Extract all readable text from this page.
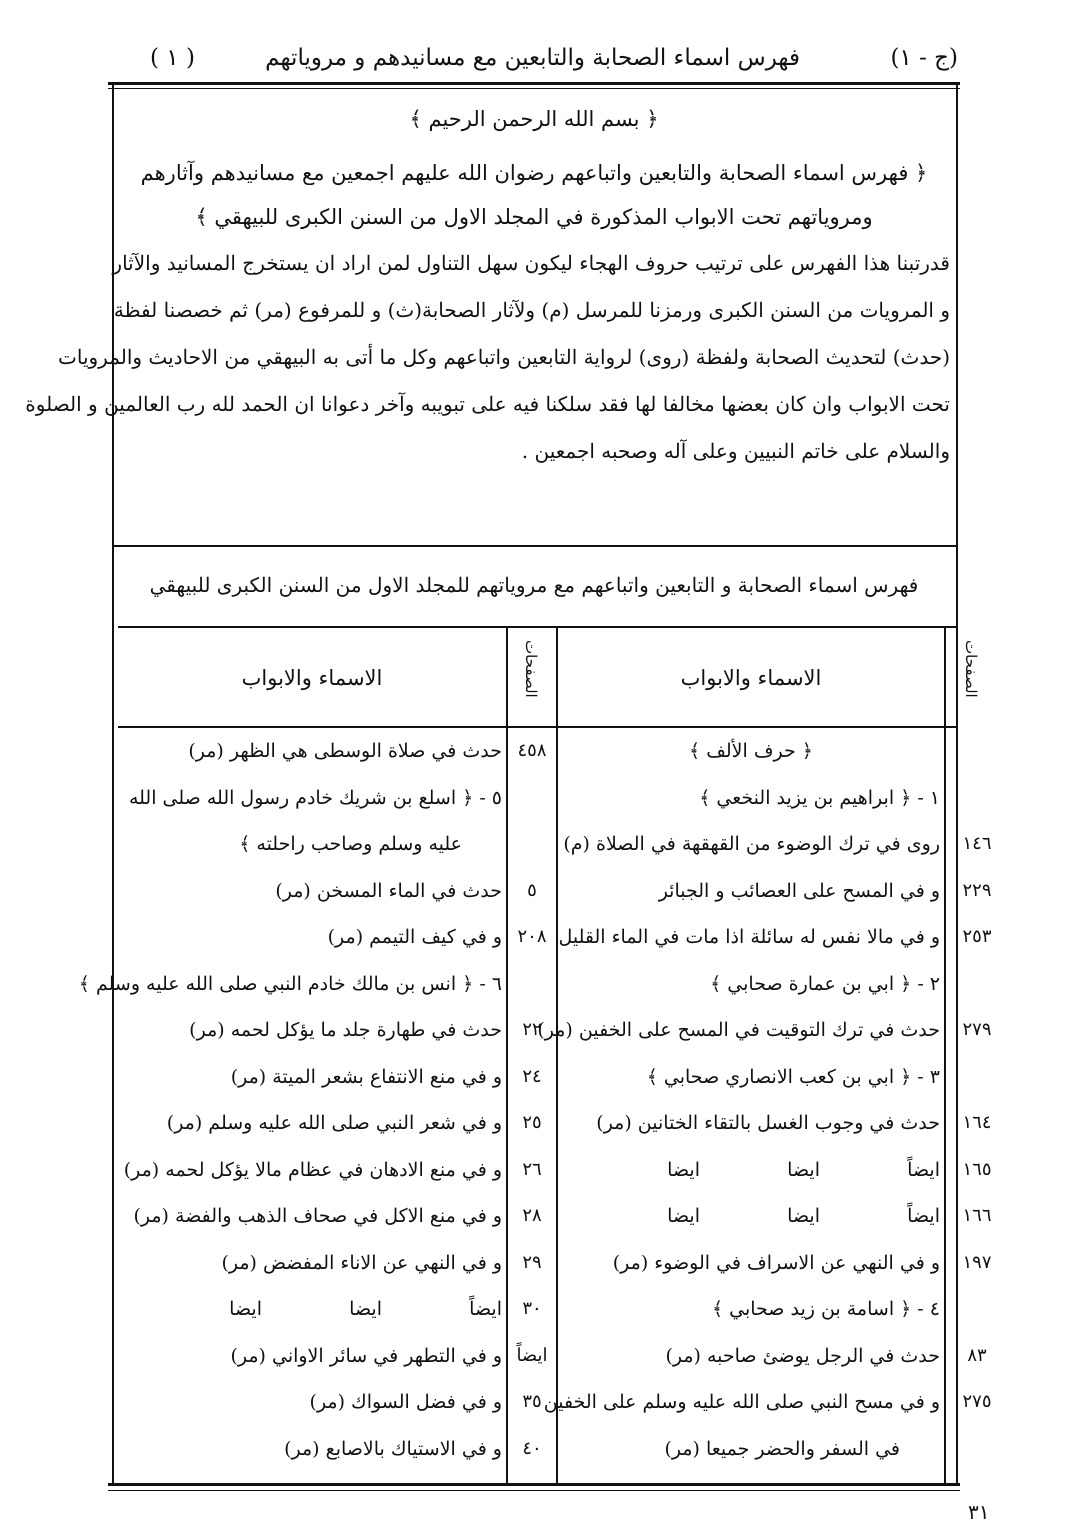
(ج - ١)
فهرس اسماء الصحابة والتابعين مع مسانيدهم و مروياتهم
( ١ )
﴿ بسم الله الرحمن الرحيم ﴾
﴿ فهرس اسماء الصحابة والتابعين واتباعهم رضوان الله عليهم اجمعين مع مسانيدهم وآثارهم
ومروياتهم تحت الابواب المذكورة في المجلد الاول من السنن الكبرى للبيهقي ﴾
قدرتبنا هذا الفهرس على ترتيب حروف الهجاء ليكون سهل التناول لمن اراد ان يستخرج المسانيد والآثار
و المرويات من السنن الكبرى ورمزنا للمرسل (م) ولآثار الصحابة(ث) و للمرفوع (مر) ثم خصصنا لفظة
(حدث) لتحديث الصحابة ولفظة (روى) لرواية التابعين واتباعهم وكل ما أتى به البيهقي من الاحاديث والمرويات
تحت الابواب وان كان بعضها مخالفا لها فقد سلكنا فيه على تبويبه وآخر دعوانا ان الحمد لله رب العالمين و الصلوة
والسلام على خاتم النبيين وعلى آله وصحبه اجمعين .
فهرس اسماء الصحابة و التابعين واتباعهم مع مروياتهم للمجلد الاول من السنن الكبرى للبيهقي
الاسماء والابواب	الصفحات
الاسماء والابواب	الصفحات
﴿ حرف الألف ﴾
١ - ﴿ ابراهيم بن يزيد النخعي ﴾
١٤٦
روى في ترك الوضوء من القهقهة في الصلاة (م)
٢٢٩
و في المسح على العصائب و الجبائر
٢٥٣
و في مالا نفس له سائلة اذا مات في الماء القليل
٢ - ﴿ ابي بن عمارة صحابي ﴾
٢٧٩
حدث في ترك التوقيت في المسح على الخفين (مر)
٣ - ﴿ ابي بن كعب الانصاري صحابي ﴾
١٦٤
حدث في وجوب الغسل بالتقاء الختانين (مر)
١٦٥
ايضاً
ايضا
ايضا
١٦٦
ايضاً
ايضا
ايضا
١٩٧
و في النهي عن الاسراف في الوضوء (مر)
٤ - ﴿ اسامة بن زيد صحابي ﴾
٨٣
حدث في الرجل يوضئ صاحبه (مر)
٢٧٥
و في مسح النبي صلى الله عليه وسلم على الخفين
في السفر والحضر جميعا (مر)
٤٥٨
حدث في صلاة الوسطى هي الظهر (مر)
٥ - ﴿ اسلع بن شريك خادم رسول الله صلى الله
عليه وسلم وصاحب راحلته ﴾
٥
حدث في الماء المسخن (مر)
٢٠٨
و في كيف التيمم (مر)
٦ - ﴿ انس بن مالك خادم النبي صلى الله عليه وسلم ﴾
٢٢
حدث في طهارة جلد ما يؤكل لحمه (مر)
٢٤
و في منع الانتفاع بشعر الميتة (مر)
٢٥
و في شعر النبي صلى الله عليه وسلم (مر)
٢٦
و في منع الادهان في عظام مالا يؤكل لحمه (مر)
٢٨
و في منع الاكل في صحاف الذهب والفضة (مر)
٢٩
و في النهي عن الاناء المفضض (مر)
٣٠
ايضاً
ايضا
ايضا
ايضاً
و في التطهر في سائر الاواني (مر)
٣٥
و في فضل السواك (مر)
٤٠
و في الاستياك بالاصابع (مر)
٣١
